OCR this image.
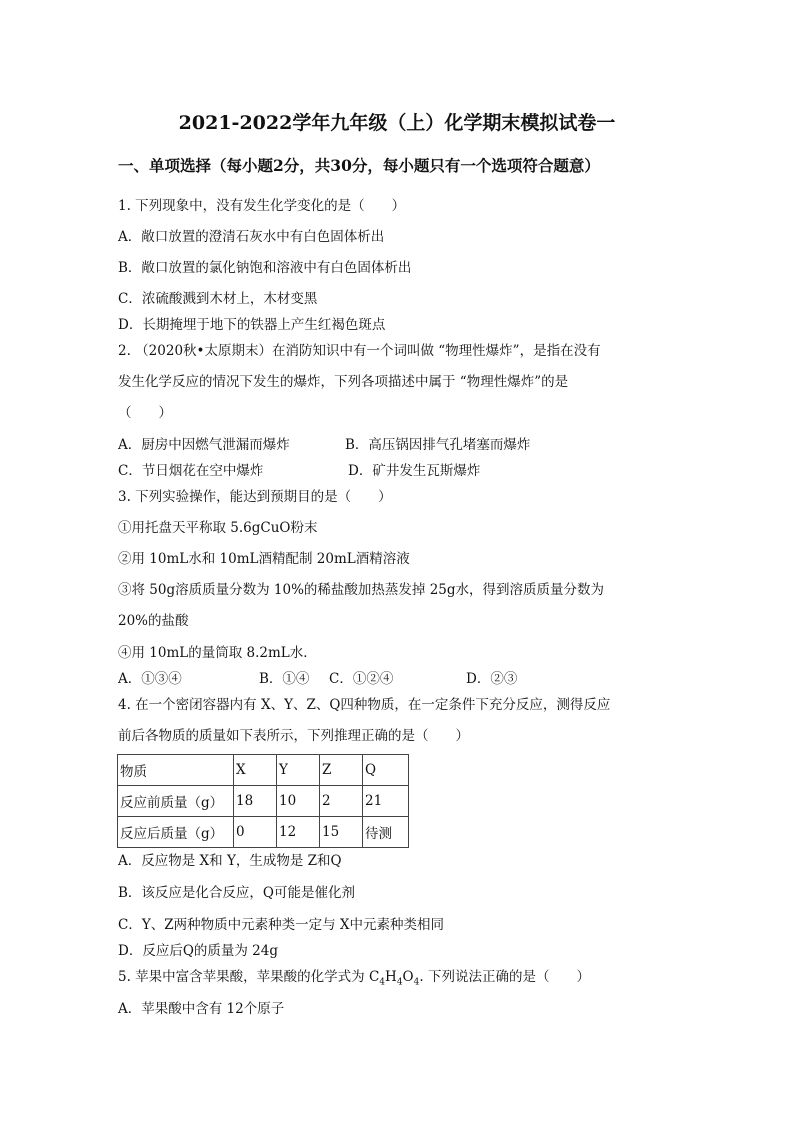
2021-2022学年九年级（上）化学期末模拟试卷一
一、单项选择（每小题2分，共30分，每小题只有一个选项符合题意）
1. 下列现象中，没有发生化学变化的是（　　）
A．敞口放置的澄清石灰水中有白色固体析出
B．敞口放置的氯化钠饱和溶液中有白色固体析出
C．浓硫酸溅到木材上，木材变黑
D．长期掩埋于地下的铁器上产生红褐色斑点
2. （2020秋•太原期末）在消防知识中有一个词叫做 “物理性爆炸”，是指在没有
发生化学反应的情况下发生的爆炸，下列各项描述中属于 “物理性爆炸”的是
（　　）
A．厨房中因燃气泄漏而爆炸	B．高压锅因排气孔堵塞而爆炸
C．节日烟花在空中爆炸	D．矿井发生瓦斯爆炸
3. 下列实验操作，能达到预期目的是（　　）
①用托盘天平称取 5.6gCuO粉末
②用 10mL水和 10mL酒精配制 20mL酒精溶液
③将 50g溶质质量分数为 10%的稀盐酸加热蒸发掉 25g水，得到溶质质量分数为
20%的盐酸
④用 10mL的量筒取 8.2mL水．
A．①③④	B．①④ C．①②④	D．②③
4. 在一个密闭容器内有 X、Y、Z、Q四种物质，在一定条件下充分反应，测得反应
前后各物质的质量如下表所示，下列推理正确的是（　　）
物质	X	Y	Z	Q
反应前质量（g）	18	10	2	21
反应后质量（g）	0	12	15	待测
A．反应物是 X和 Y，生成物是 Z和Q
B．该反应是化合反应，Q可能是催化剂
C．Y、Z两种物质中元素种类一定与 X中元素种类相同
D．反应后Q的质量为 24g
5. 苹果中富含苹果酸，苹果酸的化学式为 $C_4H_4O_4$. 下列说法正确的是（　　）
A．苹果酸中含有 12个原子
